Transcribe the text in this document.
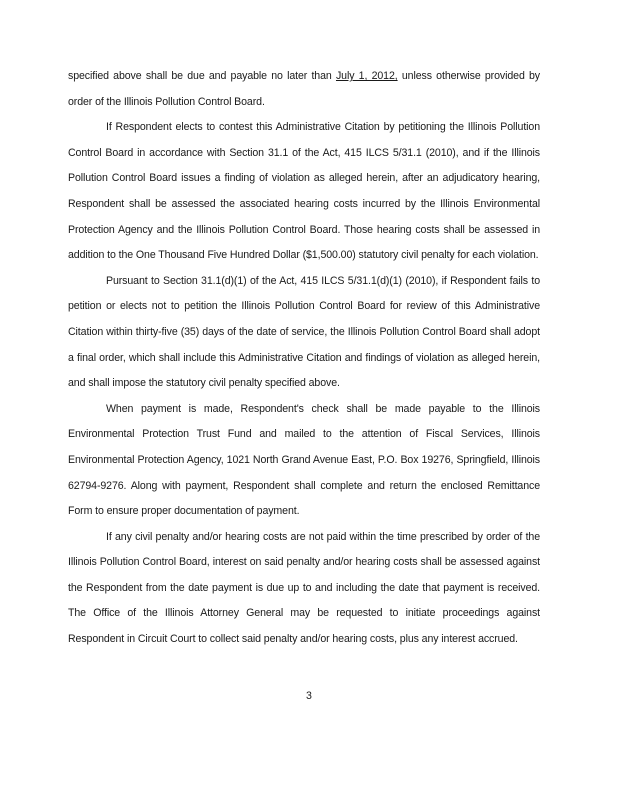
specified above shall be due and payable no later than July 1, 2012, unless otherwise provided by order of the Illinois Pollution Control Board.

If Respondent elects to contest this Administrative Citation by petitioning the Illinois Pollution Control Board in accordance with Section 31.1 of the Act, 415 ILCS 5/31.1 (2010), and if the Illinois Pollution Control Board issues a finding of violation as alleged herein, after an adjudicatory hearing, Respondent shall be assessed the associated hearing costs incurred by the Illinois Environmental Protection Agency and the Illinois Pollution Control Board. Those hearing costs shall be assessed in addition to the One Thousand Five Hundred Dollar ($1,500.00) statutory civil penalty for each violation.

Pursuant to Section 31.1(d)(1) of the Act, 415 ILCS 5/31.1(d)(1) (2010), if Respondent fails to petition or elects not to petition the Illinois Pollution Control Board for review of this Administrative Citation within thirty-five (35) days of the date of service, the Illinois Pollution Control Board shall adopt a final order, which shall include this Administrative Citation and findings of violation as alleged herein, and shall impose the statutory civil penalty specified above.

When payment is made, Respondent's check shall be made payable to the Illinois Environmental Protection Trust Fund and mailed to the attention of Fiscal Services, Illinois Environmental Protection Agency, 1021 North Grand Avenue East, P.O. Box 19276, Springfield, Illinois 62794-9276. Along with payment, Respondent shall complete and return the enclosed Remittance Form to ensure proper documentation of payment.

If any civil penalty and/or hearing costs are not paid within the time prescribed by order of the Illinois Pollution Control Board, interest on said penalty and/or hearing costs shall be assessed against the Respondent from the date payment is due up to and including the date that payment is received. The Office of the Illinois Attorney General may be requested to initiate proceedings against Respondent in Circuit Court to collect said penalty and/or hearing costs, plus any interest accrued.

3
